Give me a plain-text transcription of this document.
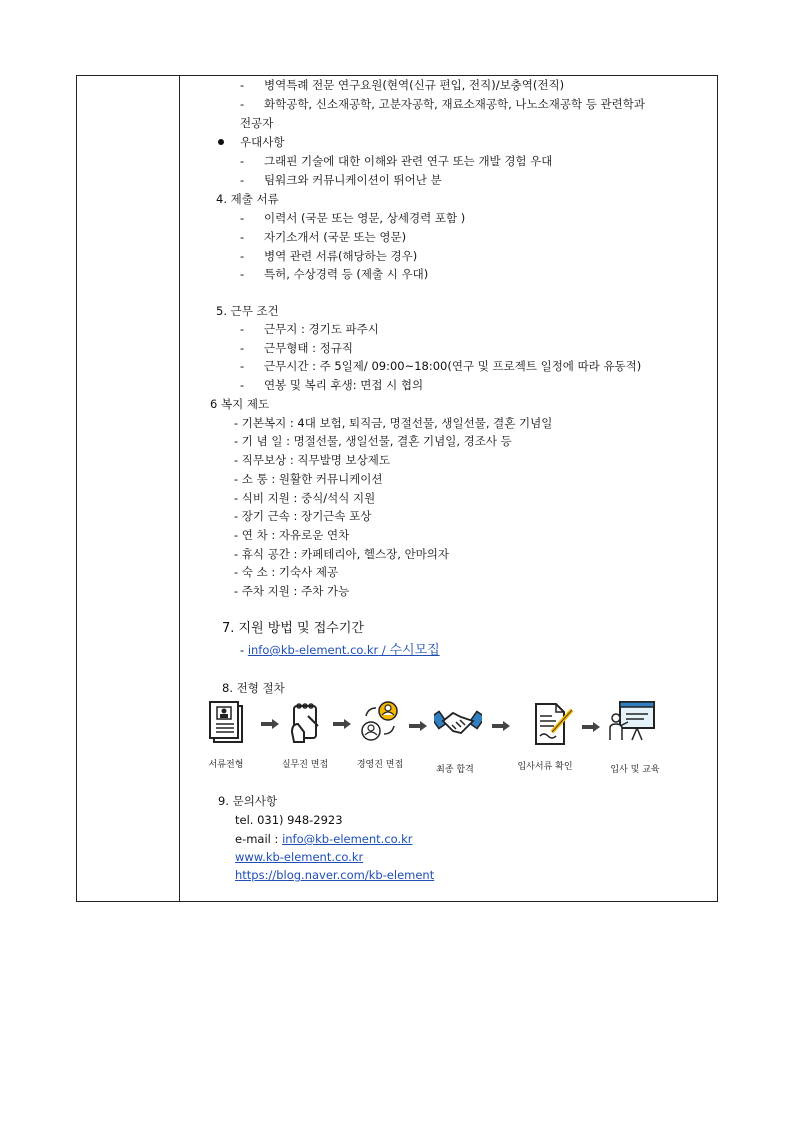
- 병역특례 전문 연구요원(현역(신규 편입, 전직)/보충역(전직)
- 화학공학, 신소재공학, 고분자공학, 재료소재공학, 나노소재공학 등 관련학과
전공자
우대사항
- 그래핀 기술에 대한 이해와 관련 연구 또는 개발 경험 우대
- 팀워크와 커뮤니케이션이 뛰어난 분
4. 제출 서류
- 이력서 (국문 또는 영문, 상세경력 포함 )
- 자기소개서 (국문 또는 영문)
- 병역 관련 서류(해당하는 경우)
- 특허, 수상경력 등 (제출 시 우대)
5. 근무 조건
- 근무지 : 경기도 파주시
- 근무형태 : 정규직
- 근무시간 : 주 5일제/ 09:00~18:00(연구 및 프로젝트 일정에 따라 유동적)
- 연봉 및 복리 후생: 면접 시 협의
6 복지 제도
- 기본복지 : 4대 보험, 퇴직금, 명절선물, 생일선물, 결혼 기념일
- 기 념 일 : 명절선물, 생일선물, 결혼 기념일, 경조사 등
- 직무보상 : 직무발명 보상제도
- 소 통 : 원활한 커뮤니케이션
- 식비 지원 : 중식/석식 지원
- 장기 근속 : 장기근속 포상
- 연 차 : 자유로운 연차
- 휴식 공간 : 카페테리아, 헬스장, 안마의자
- 숙 소 : 기숙사 제공
- 주차 지원 : 주차 가능
7. 지원 방법 및 접수기간
- info@kb-element.co.kr / 수시모집
8. 전형 절차
서류전형	실무진 면접	경영진 면접	최종 합격	입사서류 확인	입사 및 교육
9. 문의사항
tel. 031) 948-2923
e-mail : info@kb-element.co.kr
www.kb-element.co.kr
https://blog.naver.com/kb-element
